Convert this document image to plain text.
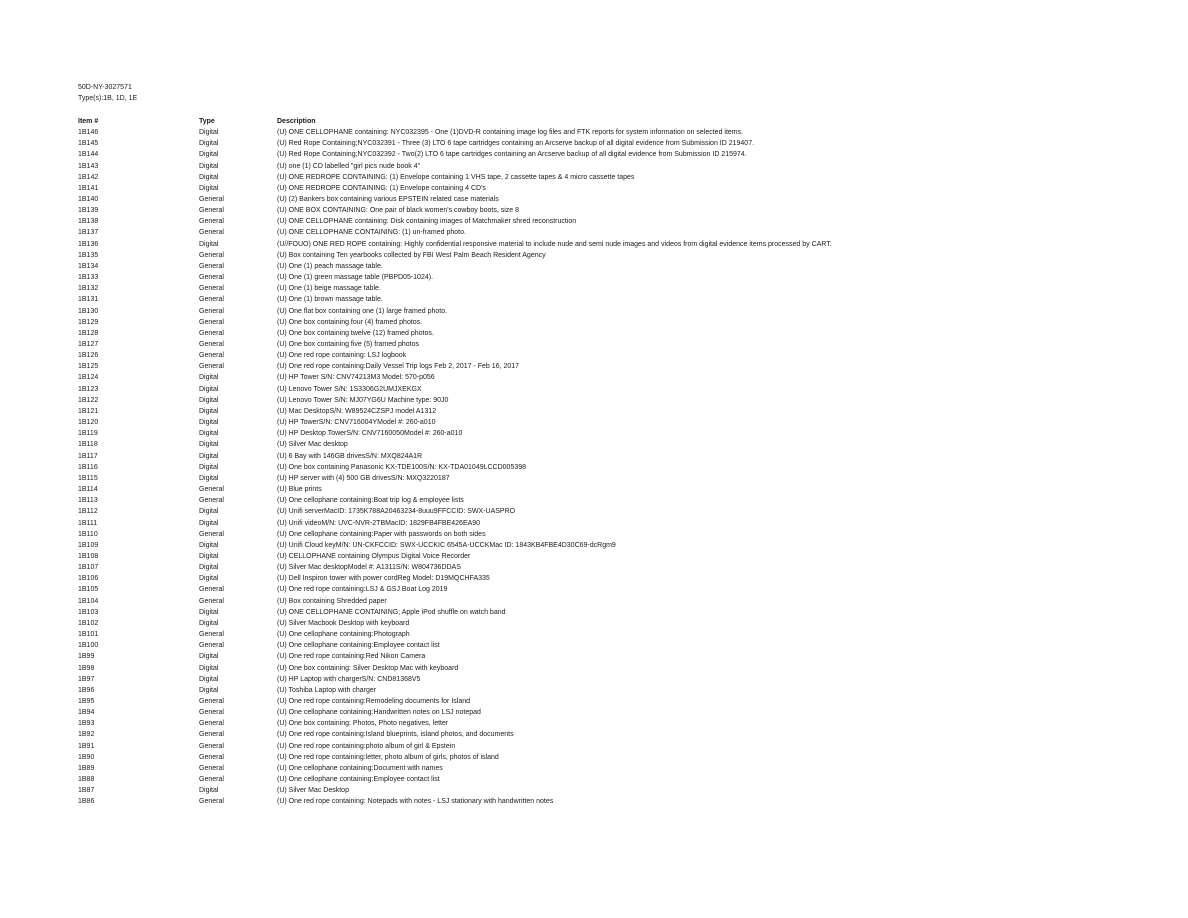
50D-NY-3027571
Type(s):1B, 1D, 1E
Item #	Type	Description
1B146	Digital	(U) ONE CELLOPHANE containing: NYC032395 - One (1)DVD-R containing image log files and FTK reports for system information on selected items.
1B145	Digital	(U) Red Rope Containing;NYC032391 - Three (3) LTO 6 tape cartridges containing an Arcserve backup of all digital evidence from Submission ID 219407.
1B144	Digital	(U) Red Rope Containing;NYC032392 - Two(2) LTO 6 tape cartridges containing an Arcserve backup of all digital evidence from Submission ID 215974.
1B143	Digital	(U) one (1) CD labelled "girl pics nude book 4"
1B142	Digital	(U) ONE REDROPE CONTAINING: (1) Envelope containing 1 VHS tape, 2 cassette tapes & 4 micro cassette tapes
1B141	Digital	(U) ONE REDROPE CONTAINING: (1) Envelope containing 4 CD's
1B140	General	(U) (2) Bankers box containing various EPSTEIN related case materials
1B139	General	(U) ONE BOX CONTAINING: One pair of black women's cowboy boots, size 8
1B138	General	(U) ONE CELLOPHANE containing: Disk containing images of Matchmaker shred reconstruction
1B137	General	(U) ONE CELLOPHANE CONTAINING: (1) un-framed photo.
1B136	Digital	(U//FOUO) ONE RED ROPE containing: Highly confidential responsive material to include nude and semi nude images and videos from digital evidence items processed by CART.
1B135	General	(U) Box containing Ten yearbooks collected by FBI West Palm Beach Resident Agency
1B134	General	(U) One (1) peach massage table.
1B133	General	(U) One (1) green massage table (PBPD05-1024).
1B132	General	(U) One (1) beige massage table.
1B131	General	(U) One (1) brown massage table.
1B130	General	(U) One flat box containing one (1) large framed photo.
1B129	General	(U) One box containing four (4) framed photos.
1B128	General	(U) One box containing twelve (12) framed photos.
1B127	General	(U) One box containing five (5) framed photos
1B126	General	(U) One red rope containing: LSJ logbook
1B125	General	(U) One red rope containing:Daily Vessel Trip logs Feb 2, 2017 - Feb 16, 2017
1B124	Digital	(U) HP Tower S/N: CNV74213M3 Model: 570-p056
1B123	Digital	(U) Lenovo Tower S/N: 1S3306G2UMJXEKGX
1B122	Digital	(U) Lenovo Tower S/N: MJ07YG6U Machine type: 90J0
1B121	Digital	(U) Mac DesktopS/N: W89524CZSPJ model A1312
1B120	Digital	(U) HP TowerS/N: CNV716004YModel #: 260-a010
1B119	Digital	(U) HP Desktop TowerS/N: CNV7160050Model #: 260-a010
1B118	Digital	(U) Silver Mac desktop
1B117	Digital	(U) 6 Bay with 146GB drivesS/N: MXQ824A1R
1B116	Digital	(U) One box containing Panasonic KX-TDE100S/N: KX-TDA01049LCCD005398
1B115	Digital	(U) HP server with (4) 500 GB drivesS/N: MXQ3220187
1B114	General	(U) Blue prints
1B113	General	(U) One cellophane containing:Boat trip log & employee lists
1B112	Digital	(U) Unifi serverMacID: 1735K788A20463234-8uuu9FFCCID: SWX-UASPRO
1B111	Digital	(U) Unifi videoM/N: UVC-NVR-2TBMacID: 1829FB4FBE426EA90
1B110	General	(U) One cellophane containing:Paper with passwords on both sides
1B109	Digital	(U) Unifi Cloud keyM/N: UN-CKFCCID: SWX-UCCKIC 6545A-UCCKMac ID: 1843KB4FBE4D30C69-dcRgm9
1B108	Digital	(U) CELLOPHANE containing Olympus Digital Voice Recorder
1B107	Digital	(U) Silver Mac desktopModel #: A1311S/N: W804736DDAS
1B106	Digital	(U) Dell Inspiron tower with power cordReg Model: D19MQCHFA335
1B105	General	(U) One red rope containing:LSJ & GSJ Boat Log 2019
1B104	General	(U) Box containing Shredded paper
1B103	Digital	(U) ONE CELLOPHANE CONTAINING; Apple iPod shuffle on watch band
1B102	Digital	(U) Silver Macbook Desktop with keyboard
1B101	General	(U) One cellophane containing:Photograph
1B100	General	(U) One cellophane containing:Employee contact list
1B99	Digital	(U) One red rope containing:Red Nikon Camera
1B98	Digital	(U) One box containing: Silver Desktop Mac with keyboard
1B97	Digital	(U) HP Laptop with chargerS/N: CND81368V5
1B96	Digital	(U) Toshiba Laptop with charger
1B95	General	(U) One red rope containing:Remodeling documents for Island
1B94	General	(U) One cellophane containing:Handwritten notes on LSJ notepad
1B93	General	(U) One box containing: Photos, Photo negatives, letter
1B92	General	(U) One red rope containing:Island blueprints, island photos, and documents
1B91	General	(U) One red rope containing:photo album of girl & Epstein
1B90	General	(U) One red rope containing:letter, photo album of girls, photos of island
1B89	General	(U) One cellophane containing:Document with names
1B88	General	(U) One cellophane containing:Employee contact list
1B87	Digital	(U) Silver Mac Desktop
1B86	General	(U) One red rope containing: Notepads with notes - LSJ stationary with handwritten notes
